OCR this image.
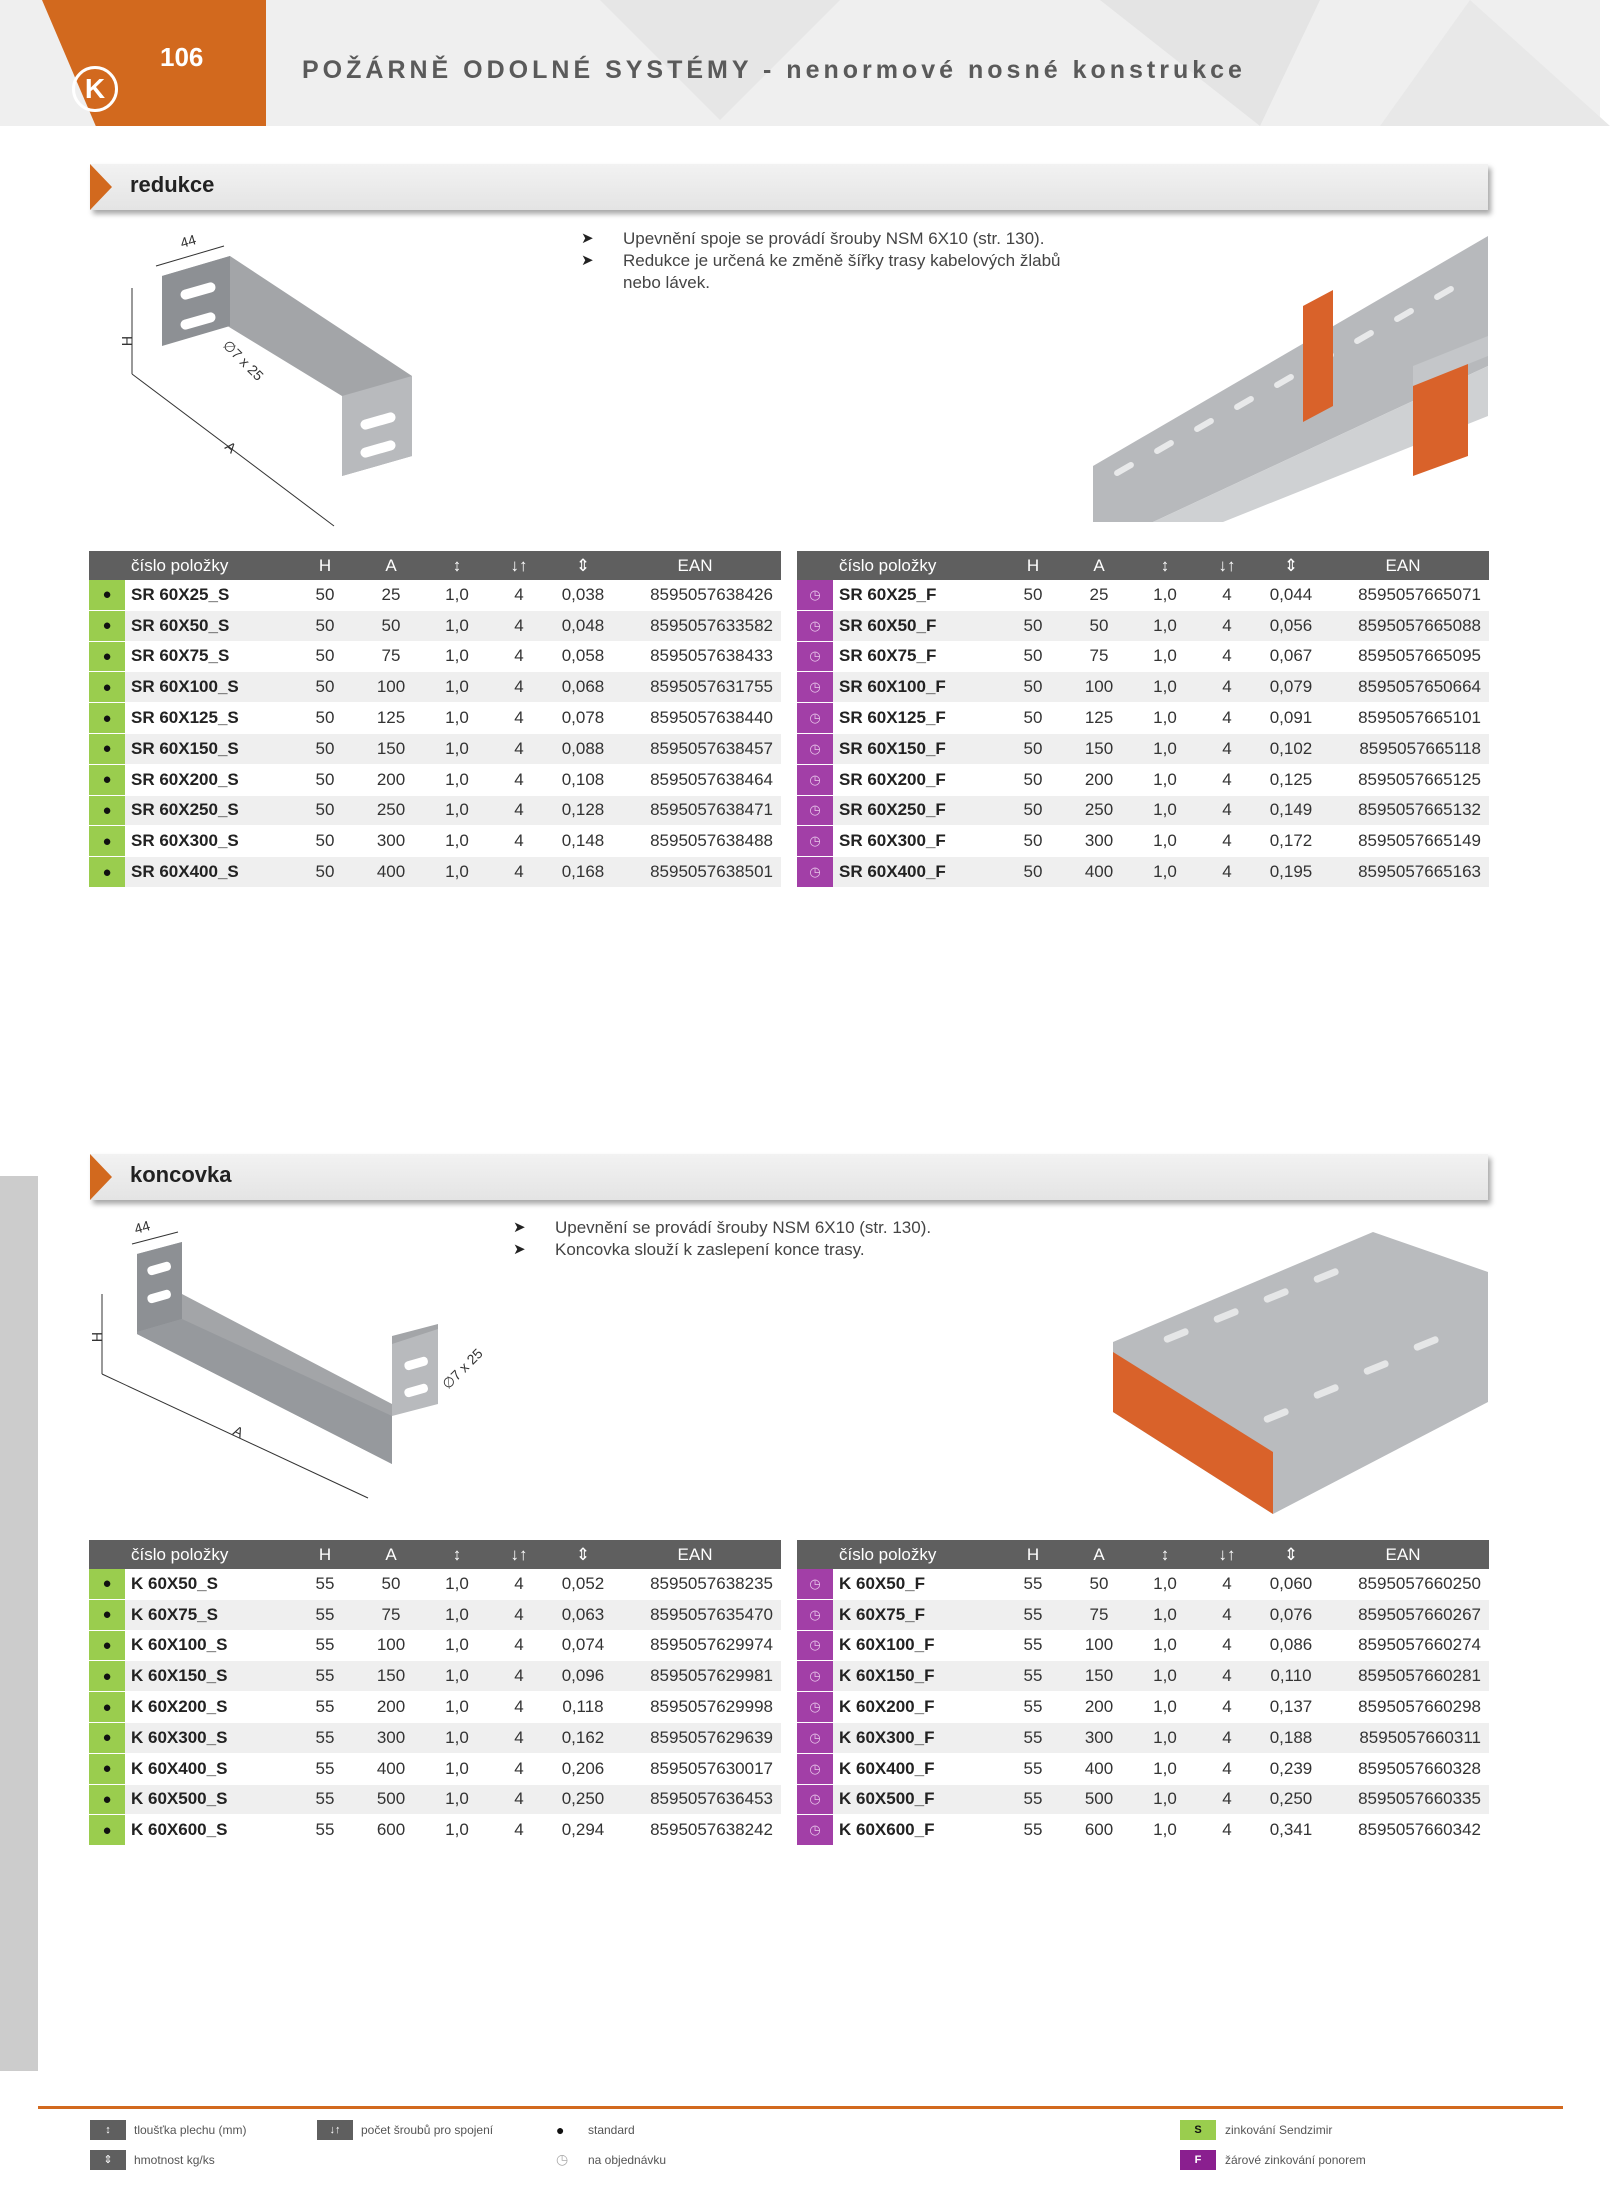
106
K
POŽÁRNĚ ODOLNÉ SYSTÉMY - nenormové nosné konstrukce
redukce
44
H	∅7 x 25
A
➤ Upevnění spoje se provádí šrouby NSM 6X10 (str. 130).
➤ Redukce je určená ke změně šířky trasy kabelových žlabů nebo lávek.
	číslo položky	H	A	↕	↓↑	⇕	EAN
●	SR 60X25_S	50	25	1,0	4	0,038	8595057638426
●	SR 60X50_S	50	50	1,0	4	0,048	8595057633582
●	SR 60X75_S	50	75	1,0	4	0,058	8595057638433
●	SR 60X100_S	50	100	1,0	4	0,068	8595057631755
●	SR 60X125_S	50	125	1,0	4	0,078	8595057638440
●	SR 60X150_S	50	150	1,0	4	0,088	8595057638457
●	SR 60X200_S	50	200	1,0	4	0,108	8595057638464
●	SR 60X250_S	50	250	1,0	4	0,128	8595057638471
●	SR 60X300_S	50	300	1,0	4	0,148	8595057638488
●	SR 60X400_S	50	400	1,0	4	0,168	8595057638501
	číslo položky	H	A	↕	↓↑	⇕	EAN
◷	SR 60X25_F	50	25	1,0	4	0,044	8595057665071
◷	SR 60X50_F	50	50	1,0	4	0,056	8595057665088
◷	SR 60X75_F	50	75	1,0	4	0,067	8595057665095
◷	SR 60X100_F	50	100	1,0	4	0,079	8595057650664
◷	SR 60X125_F	50	125	1,0	4	0,091	8595057665101
◷	SR 60X150_F	50	150	1,0	4	0,102	8595057665118
◷	SR 60X200_F	50	200	1,0	4	0,125	8595057665125
◷	SR 60X250_F	50	250	1,0	4	0,149	8595057665132
◷	SR 60X300_F	50	300	1,0	4	0,172	8595057665149
◷	SR 60X400_F	50	400	1,0	4	0,195	8595057665163
koncovka
44
H
∅7 x 25
A
➤ Upevnění se provádí šrouby NSM 6X10 (str. 130).
➤ Koncovka slouží k zaslepení konce trasy.
	číslo položky	H	A	↕	↓↑	⇕	EAN
●	K 60X50_S	55	50	1,0	4	0,052	8595057638235
●	K 60X75_S	55	75	1,0	4	0,063	8595057635470
●	K 60X100_S	55	100	1,0	4	0,074	8595057629974
●	K 60X150_S	55	150	1,0	4	0,096	8595057629981
●	K 60X200_S	55	200	1,0	4	0,118	8595057629998
●	K 60X300_S	55	300	1,0	4	0,162	8595057629639
●	K 60X400_S	55	400	1,0	4	0,206	8595057630017
●	K 60X500_S	55	500	1,0	4	0,250	8595057636453
●	K 60X600_S	55	600	1,0	4	0,294	8595057638242
	číslo položky	H	A	↕	↓↑	⇕	EAN
◷	K 60X50_F	55	50	1,0	4	0,060	8595057660250
◷	K 60X75_F	55	75	1,0	4	0,076	8595057660267
◷	K 60X100_F	55	100	1,0	4	0,086	8595057660274
◷	K 60X150_F	55	150	1,0	4	0,110	8595057660281
◷	K 60X200_F	55	200	1,0	4	0,137	8595057660298
◷	K 60X300_F	55	300	1,0	4	0,188	8595057660311
◷	K 60X400_F	55	400	1,0	4	0,239	8595057660328
◷	K 60X500_F	55	500	1,0	4	0,250	8595057660335
◷	K 60X600_F	55	600	1,0	4	0,341	8595057660342
↕	tloušťka plechu (mm)
⇕	hmotnost kg/ks
↓↑	počet šroubů pro spojení	● standard
◷ na objednávku
S	zinkování Sendzimir
F	žárové zinkování ponorem
